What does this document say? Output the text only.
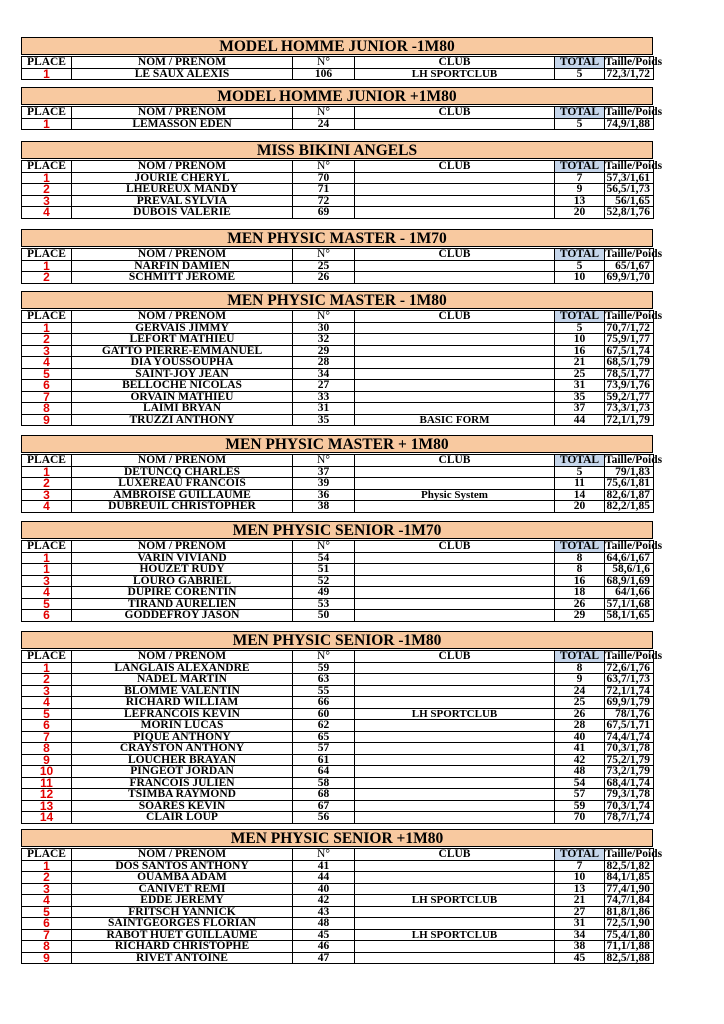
MODEL HOMME JUNIOR -1M80
PLACE	NOM / PRENOM	N°	CLUB	TOTAL	Taille/Poids
1	LE SAUX ALEXIS	106	LH SPORTCLUB	5	72,3/1,72
MODEL HOMME JUNIOR +1M80
PLACE	NOM / PRENOM	N°	CLUB	TOTAL	Taille/Poids
1	LEMASSON EDEN	24		5	74,9/1,88
MISS BIKINI ANGELS
PLACE	NOM / PRENOM	N°	CLUB	TOTAL	Taille/Poids
1	JOURIE CHERYL	70		7	57,3/1,61
2	LHEUREUX MANDY	71		9	56,5/1,73
3	PREVAL SYLVIA	72		13	56/1,65
4	DUBOIS VALERIE	69		20	52,8/1,76
MEN PHYSIC MASTER - 1M70
PLACE	NOM / PRENOM	N°	CLUB	TOTAL	Taille/Poids
1	NARFIN DAMIEN	25		5	65/1,67
2	SCHMITT JEROME	26		10	69,9/1,70
MEN PHYSIC MASTER - 1M80
PLACE	NOM / PRENOM	N°	CLUB	TOTAL	Taille/Poids
1	GERVAIS JIMMY	30		5	70,7/1,72
2	LEFORT MATHIEU	32		10	75,9/1,77
3	GATTO PIERRE-EMMANUEL	29		16	67,5/1,74
4	DIA YOUSSOUPHA	28		21	68,5/1,79
5	SAINT-JOY JEAN	34		25	78,5/1,77
6	BELLOCHE NICOLAS	27		31	73,9/1,76
7	ORVAIN MATHIEU	33		35	59,2/1,77
8	LAIMI BRYAN	31		37	73,3/1,73
9	TRUZZI ANTHONY	35	BASIC FORM	44	72,1/1,79
MEN PHYSIC MASTER + 1M80
PLACE	NOM / PRENOM	N°	CLUB	TOTAL	Taille/Poids
1	DETUNCQ CHARLES	37		5	79/1,83
2	LUXEREAU FRANCOIS	39		11	75,6/1,81
3	AMBROISE GUILLAUME	36	Physic System	14	82,6/1,87
4	DUBREUIL CHRISTOPHER	38		20	82,2/1,85
MEN PHYSIC SENIOR -1M70
PLACE	NOM / PRENOM	N°	CLUB	TOTAL	Taille/Poids
1	VARIN VIVIAND	54		8	64,6/1,67
1	HOUZET RUDY	51		8	58,6/1,6
3	LOURO GABRIEL	52		16	68,9/1,69
4	DUPIRE CORENTIN	49		18	64/1,66
5	TIRAND AURELIEN	53		26	57,1/1,68
6	GODDEFROY JASON	50		29	58,1/1,65
MEN PHYSIC SENIOR -1M80
PLACE	NOM / PRENOM	N°	CLUB	TOTAL	Taille/Poids
1	LANGLAIS ALEXANDRE	59		8	72,6/1,76
2	NADEL MARTIN	63		9	63,7/1,73
3	BLOMME VALENTIN	55		24	72,1/1,74
4	RICHARD WILLIAM	66		25	69,9/1,79
5	LEFRANCOIS KEVIN	60	LH SPORTCLUB	26	78/1,76
6	MORIN LUCAS	62		28	67,5/1,71
7	PIQUE ANTHONY	65		40	74,4/1,74
8	CRAYSTON ANTHONY	57		41	70,3/1,78
9	LOUCHER BRAYAN	61		42	75,2/1,79
10	PINGEOT JORDAN	64		48	73,2/1,79
11	FRANCOIS JULIEN	58		54	68,4/1,74
12	TSIMBA RAYMOND	68		57	79,3/1,78
13	SOARES KEVIN	67		59	70,3/1,74
14	CLAIR LOUP	56		70	78,7/1,74
MEN PHYSIC SENIOR +1M80
PLACE	NOM / PRENOM	N°	CLUB	TOTAL	Taille/Poids
1	DOS SANTOS ANTHONY	41		7	82,5/1,82
2	OUAMBA ADAM	44		10	84,1/1,85
3	CANIVET REMI	40		13	77,4/1,90
4	EDDE JEREMY	42	LH SPORTCLUB	21	74,7/1,84
5	FRITSCH YANNICK	43		27	81,8/1,86
6	SAINTGEORGES FLORIAN	48		31	72,5/1,90
7	RABOT HUET GUILLAUME	45	LH SPORTCLUB	34	75,4/1,80
8	RICHARD CHRISTOPHE	46		38	71,1/1,88
9	RIVET ANTOINE	47		45	82,5/1,88
